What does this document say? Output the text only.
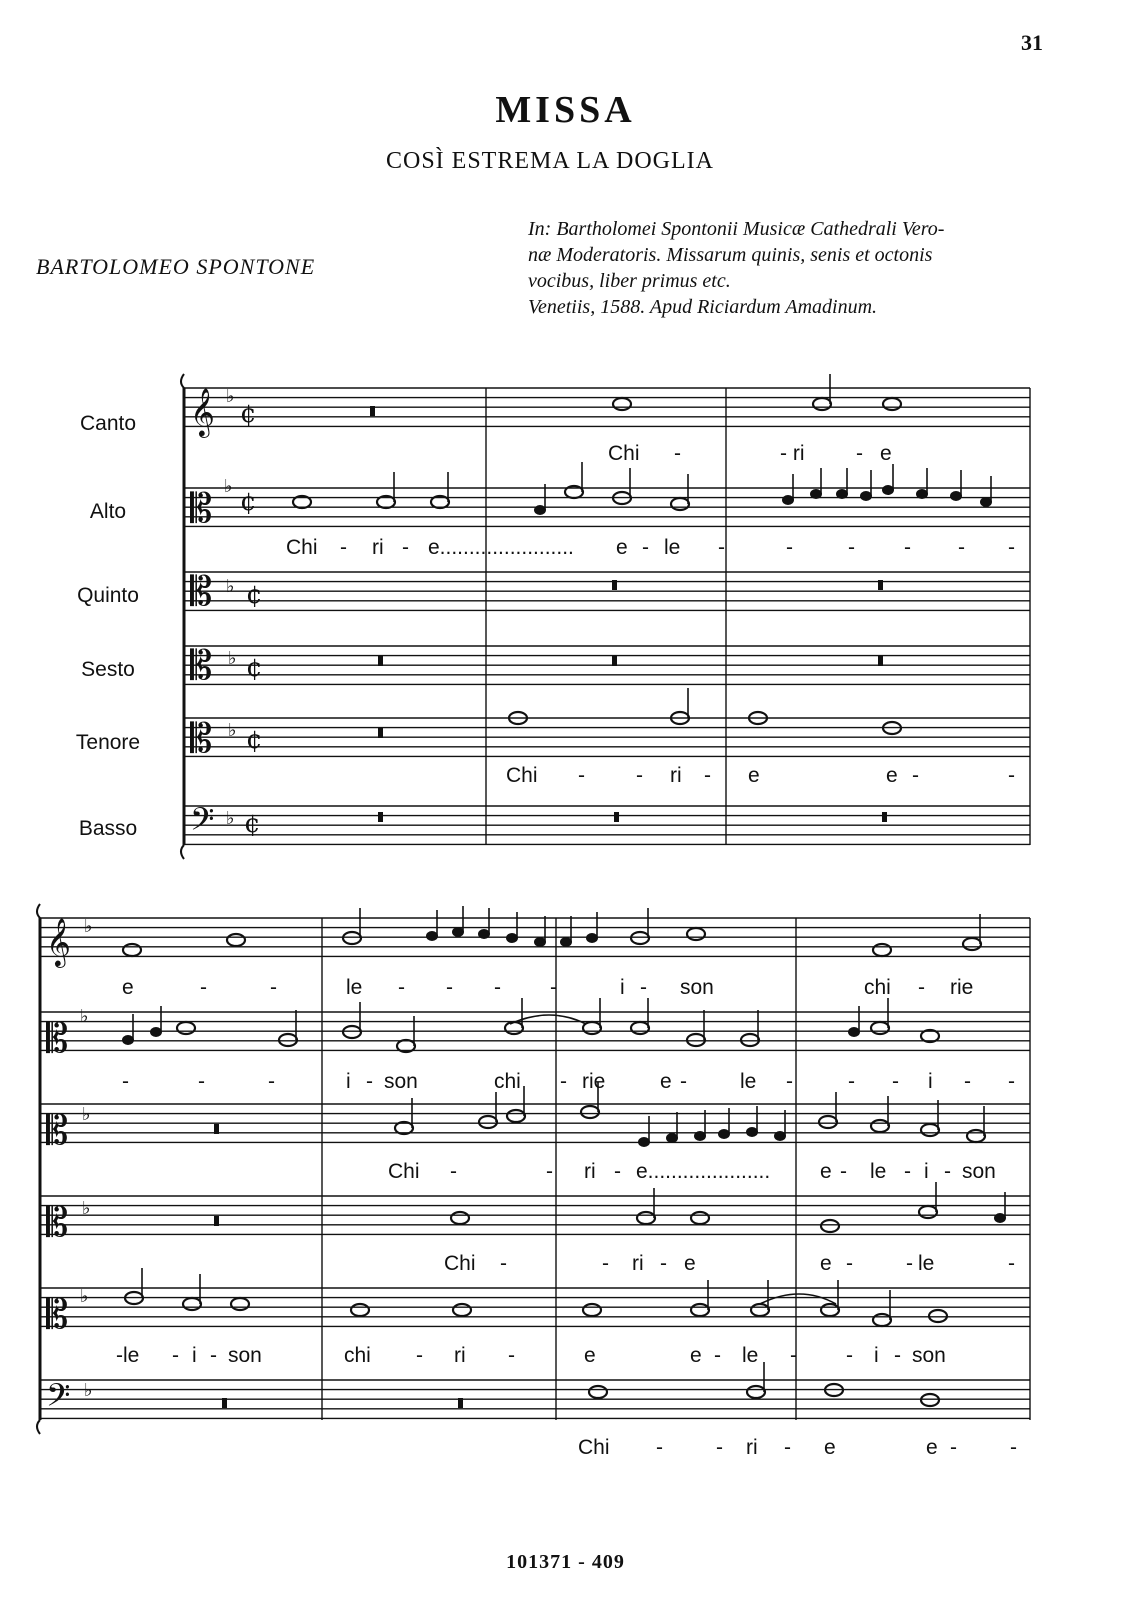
31
MISSA
COSÌ ESTREMA LA DOGLIA
BARTOLOMEO SPONTONE
In: Bartholomei Spontonii Musicæ Cathedrali Vero-
næ Moderatoris. Missarum quinis, senis et octonis
vocibus, liber primus etc.
Venetiis, 1588. Apud Riciardum Amadinum.
Canto
Alto
Quinto
Sesto
Tenore
Basso
𝄞
𝄡
𝄡
𝄡
𝄡
𝄢
𝄞
𝄡
𝄡
𝄡
𝄡
𝄢
♭
♭
♭
♭
♭
♭
¢
¢
¢
¢
¢
¢
♭
♭
♭
♭
♭
♭
Chi -	- ri - e
Chi - ri - e....................... e - le -	-	- - - -
Chi - - ri - e	e -	-
e	-	-	le - - - -	i - son	chi - rie
-	-	-	i - son	chi - rie	e -	le -	- - i - -
Chi -	- ri - e..................... e - le - i - son
Chi -	- ri - e	e -	- le	-
-le - i - son	chi - ri -	e	e - le - - i - son
Chi -	- ri - e	e -	-
101371 - 409
